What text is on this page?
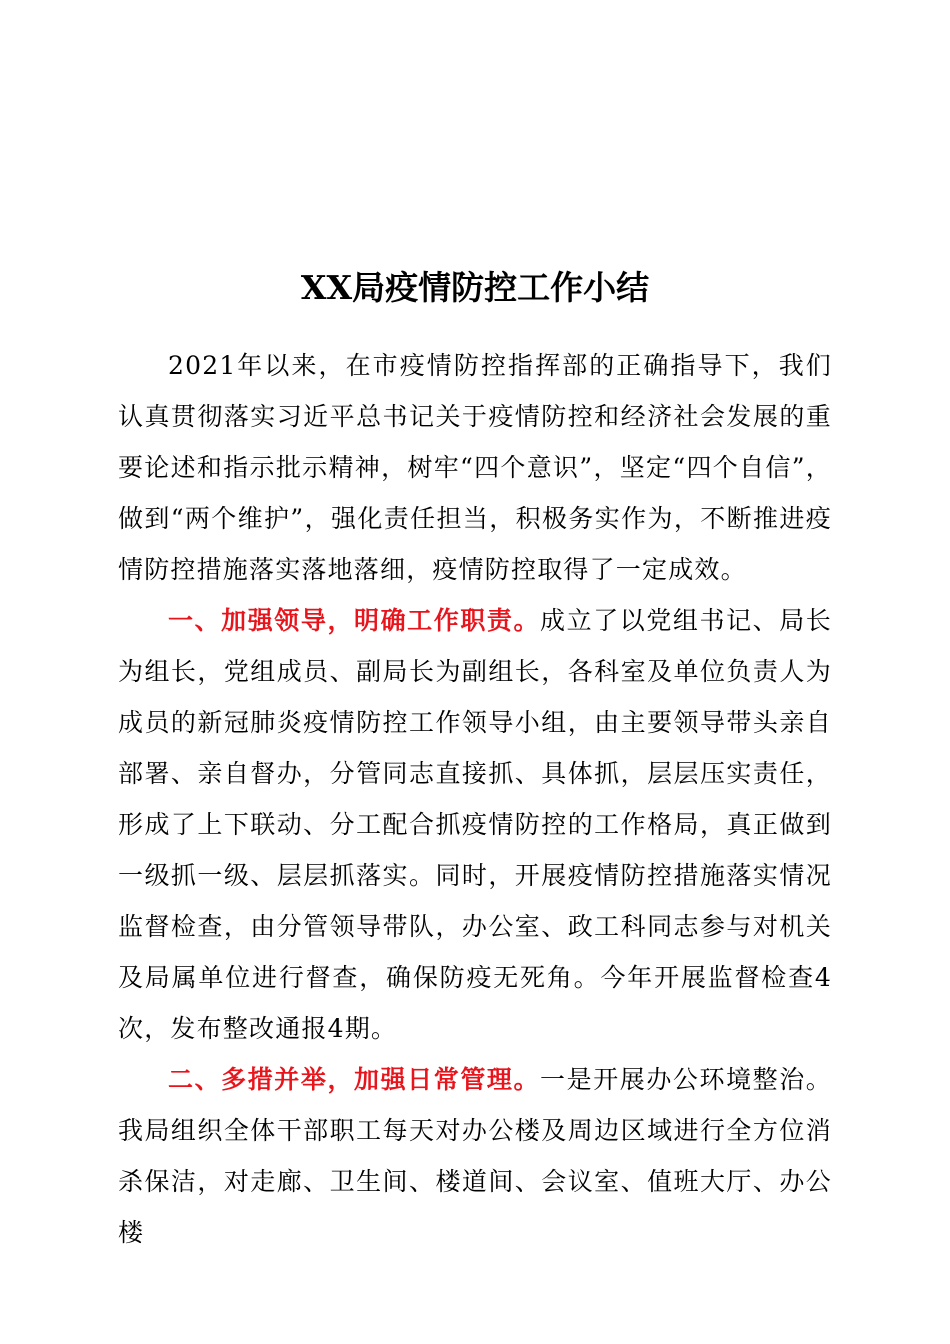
XX局疫情防控工作小结

2021年以来，在市疫情防控指挥部的正确指导下，我们认真贯彻落实习近平总书记关于疫情防控和经济社会发展的重要论述和指示批示精神，树牢“四个意识”，坚定“四个自信”，做到“两个维护”，强化责任担当，积极务实作为，不断推进疫情防控措施落实落地落细，疫情防控取得了一定成效。

一、加强领导，明确工作职责。成立了以党组书记、局长为组长，党组成员、副局长为副组长，各科室及单位负责人为成员的新冠肺炎疫情防控工作领导小组，由主要领导带头亲自部署、亲自督办，分管同志直接抓、具体抓，层层压实责任，形成了上下联动、分工配合抓疫情防控的工作格局，真正做到一级抓一级、层层抓落实。同时，开展疫情防控措施落实情况监督检查，由分管领导带队，办公室、政工科同志参与对机关及局属单位进行督查，确保防疫无死角。今年开展监督检查4次，发布整改通报4期。

二、多措并举，加强日常管理。一是开展办公环境整治。我局组织全体干部职工每天对办公楼及周边区域进行全方位消杀保洁，对走廊、卫生间、楼道间、会议室、值班大厅、办公楼
